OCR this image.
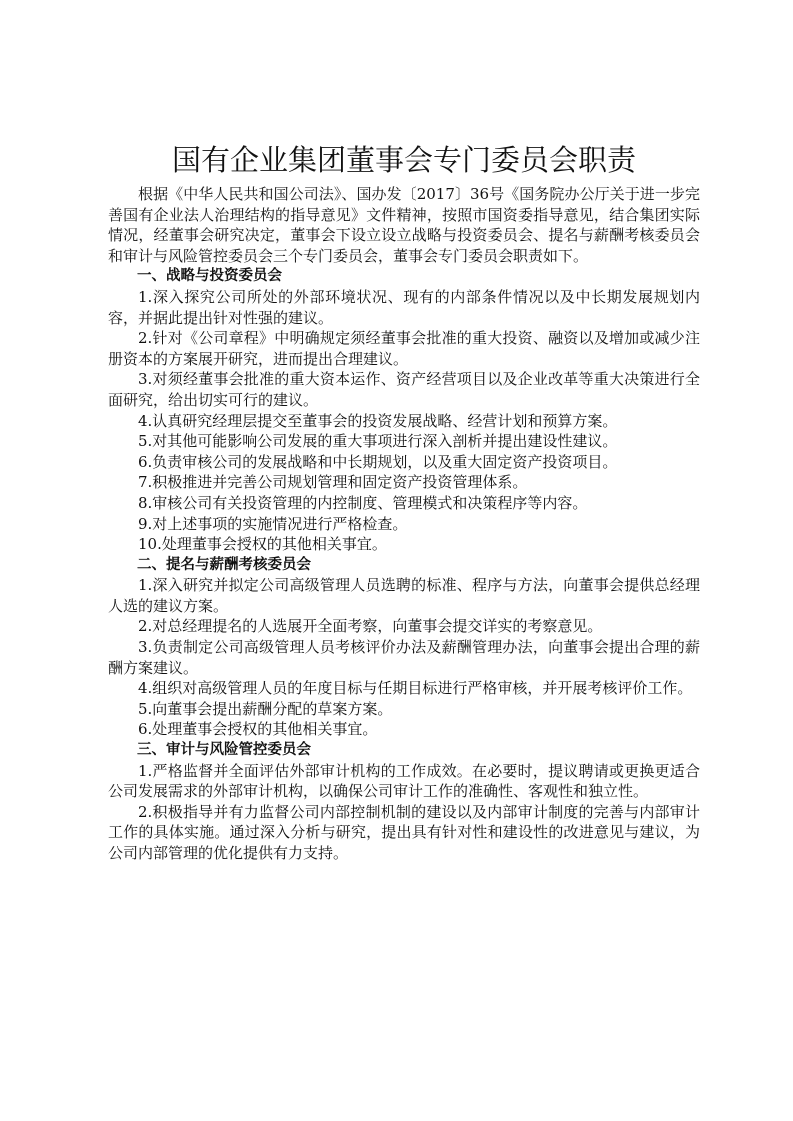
国有企业集团董事会专门委员会职责

根据《中华人民共和国公司法》、国办发〔2017〕36号《国务院办公厅关于进一步完善国有企业法人治理结构的指导意见》文件精神，按照市国资委指导意见，结合集团实际情况，经董事会研究决定，董事会下设立设立战略与投资委员会、提名与薪酬考核委员会和审计与风险管控委员会三个专门委员会，董事会专门委员会职责如下。

一、战略与投资委员会

1.深入探究公司所处的外部环境状况、现有的内部条件情况以及中长期发展规划内容，并据此提出针对性强的建议。

2.针对《公司章程》中明确规定须经董事会批准的重大投资、融资以及增加或减少注册资本的方案展开研究，进而提出合理建议。

3.对须经董事会批准的重大资本运作、资产经营项目以及企业改革等重大决策进行全面研究，给出切实可行的建议。

4.认真研究经理层提交至董事会的投资发展战略、经营计划和预算方案。

5.对其他可能影响公司发展的重大事项进行深入剖析并提出建设性建议。

6.负责审核公司的发展战略和中长期规划，以及重大固定资产投资项目。

7.积极推进并完善公司规划管理和固定资产投资管理体系。

8.审核公司有关投资管理的内控制度、管理模式和决策程序等内容。

9.对上述事项的实施情况进行严格检查。

10.处理董事会授权的其他相关事宜。

二、提名与薪酬考核委员会

1.深入研究并拟定公司高级管理人员选聘的标准、程序与方法，向董事会提供总经理人选的建议方案。

2.对总经理提名的人选展开全面考察，向董事会提交详实的考察意见。

3.负责制定公司高级管理人员考核评价办法及薪酬管理办法，向董事会提出合理的薪酬方案建议。

4.组织对高级管理人员的年度目标与任期目标进行严格审核，并开展考核评价工作。

5.向董事会提出薪酬分配的草案方案。

6.处理董事会授权的其他相关事宜。

三、审计与风险管控委员会

1.严格监督并全面评估外部审计机构的工作成效。在必要时，提议聘请或更换更适合公司发展需求的外部审计机构，以确保公司审计工作的准确性、客观性和独立性。

2.积极指导并有力监督公司内部控制机制的建设以及内部审计制度的完善与内部审计工作的具体实施。通过深入分析与研究，提出具有针对性和建设性的改进意见与建议，为公司内部管理的优化提供有力支持。
